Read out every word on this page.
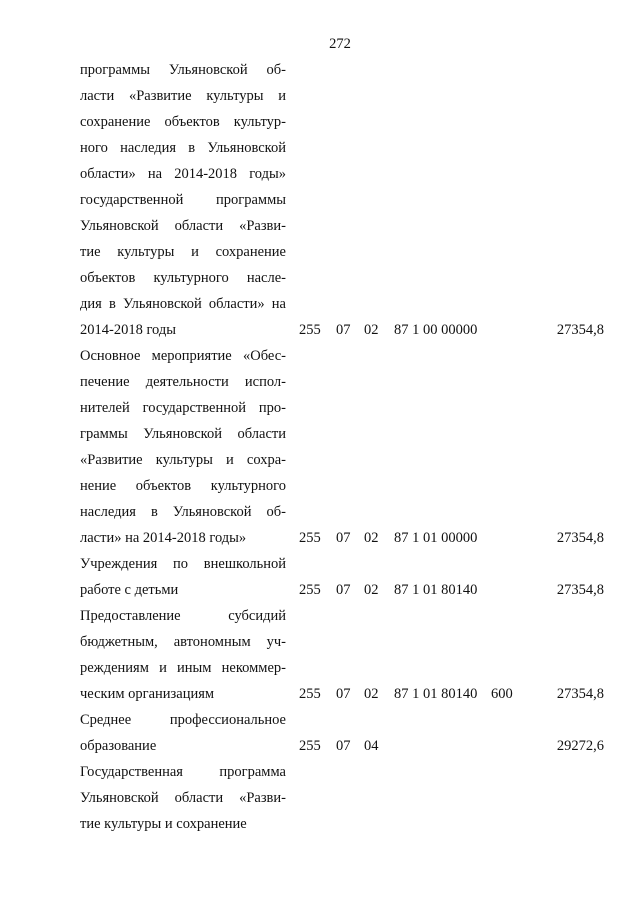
272
программы Ульяновской об-
ласти «Развитие культуры и
сохранение объектов культур-
ного наследия в Ульяновской
области» на 2014-2018 годы»
государственной программы
Ульяновской области «Разви-
тие культуры и сохранение
объектов культурного насле-
дия в Ульяновской области» на
2014-2018 годы	255 07 02 87 1 00 00000	27354,8
Основное мероприятие «Обес-
печение деятельности испол-
нителей государственной про-
граммы Ульяновской области
«Развитие культуры и сохра-
нение объектов культурного
наследия в Ульяновской об-
ласти» на 2014-2018 годы»	255 07 02 87 1 01 00000	27354,8
Учреждения по внешкольной
работе с детьми	255 07 02 87 1 01 80140	27354,8
Предоставление субсидий
бюджетным, автономным уч-
реждениям и иным некоммер-
ческим организациям	255 07 02 87 1 01 80140 600	27354,8
Среднее профессиональное
образование	255 07 04	29272,6
Государственная программа
Ульяновской области «Разви-
тие культуры и сохранение
